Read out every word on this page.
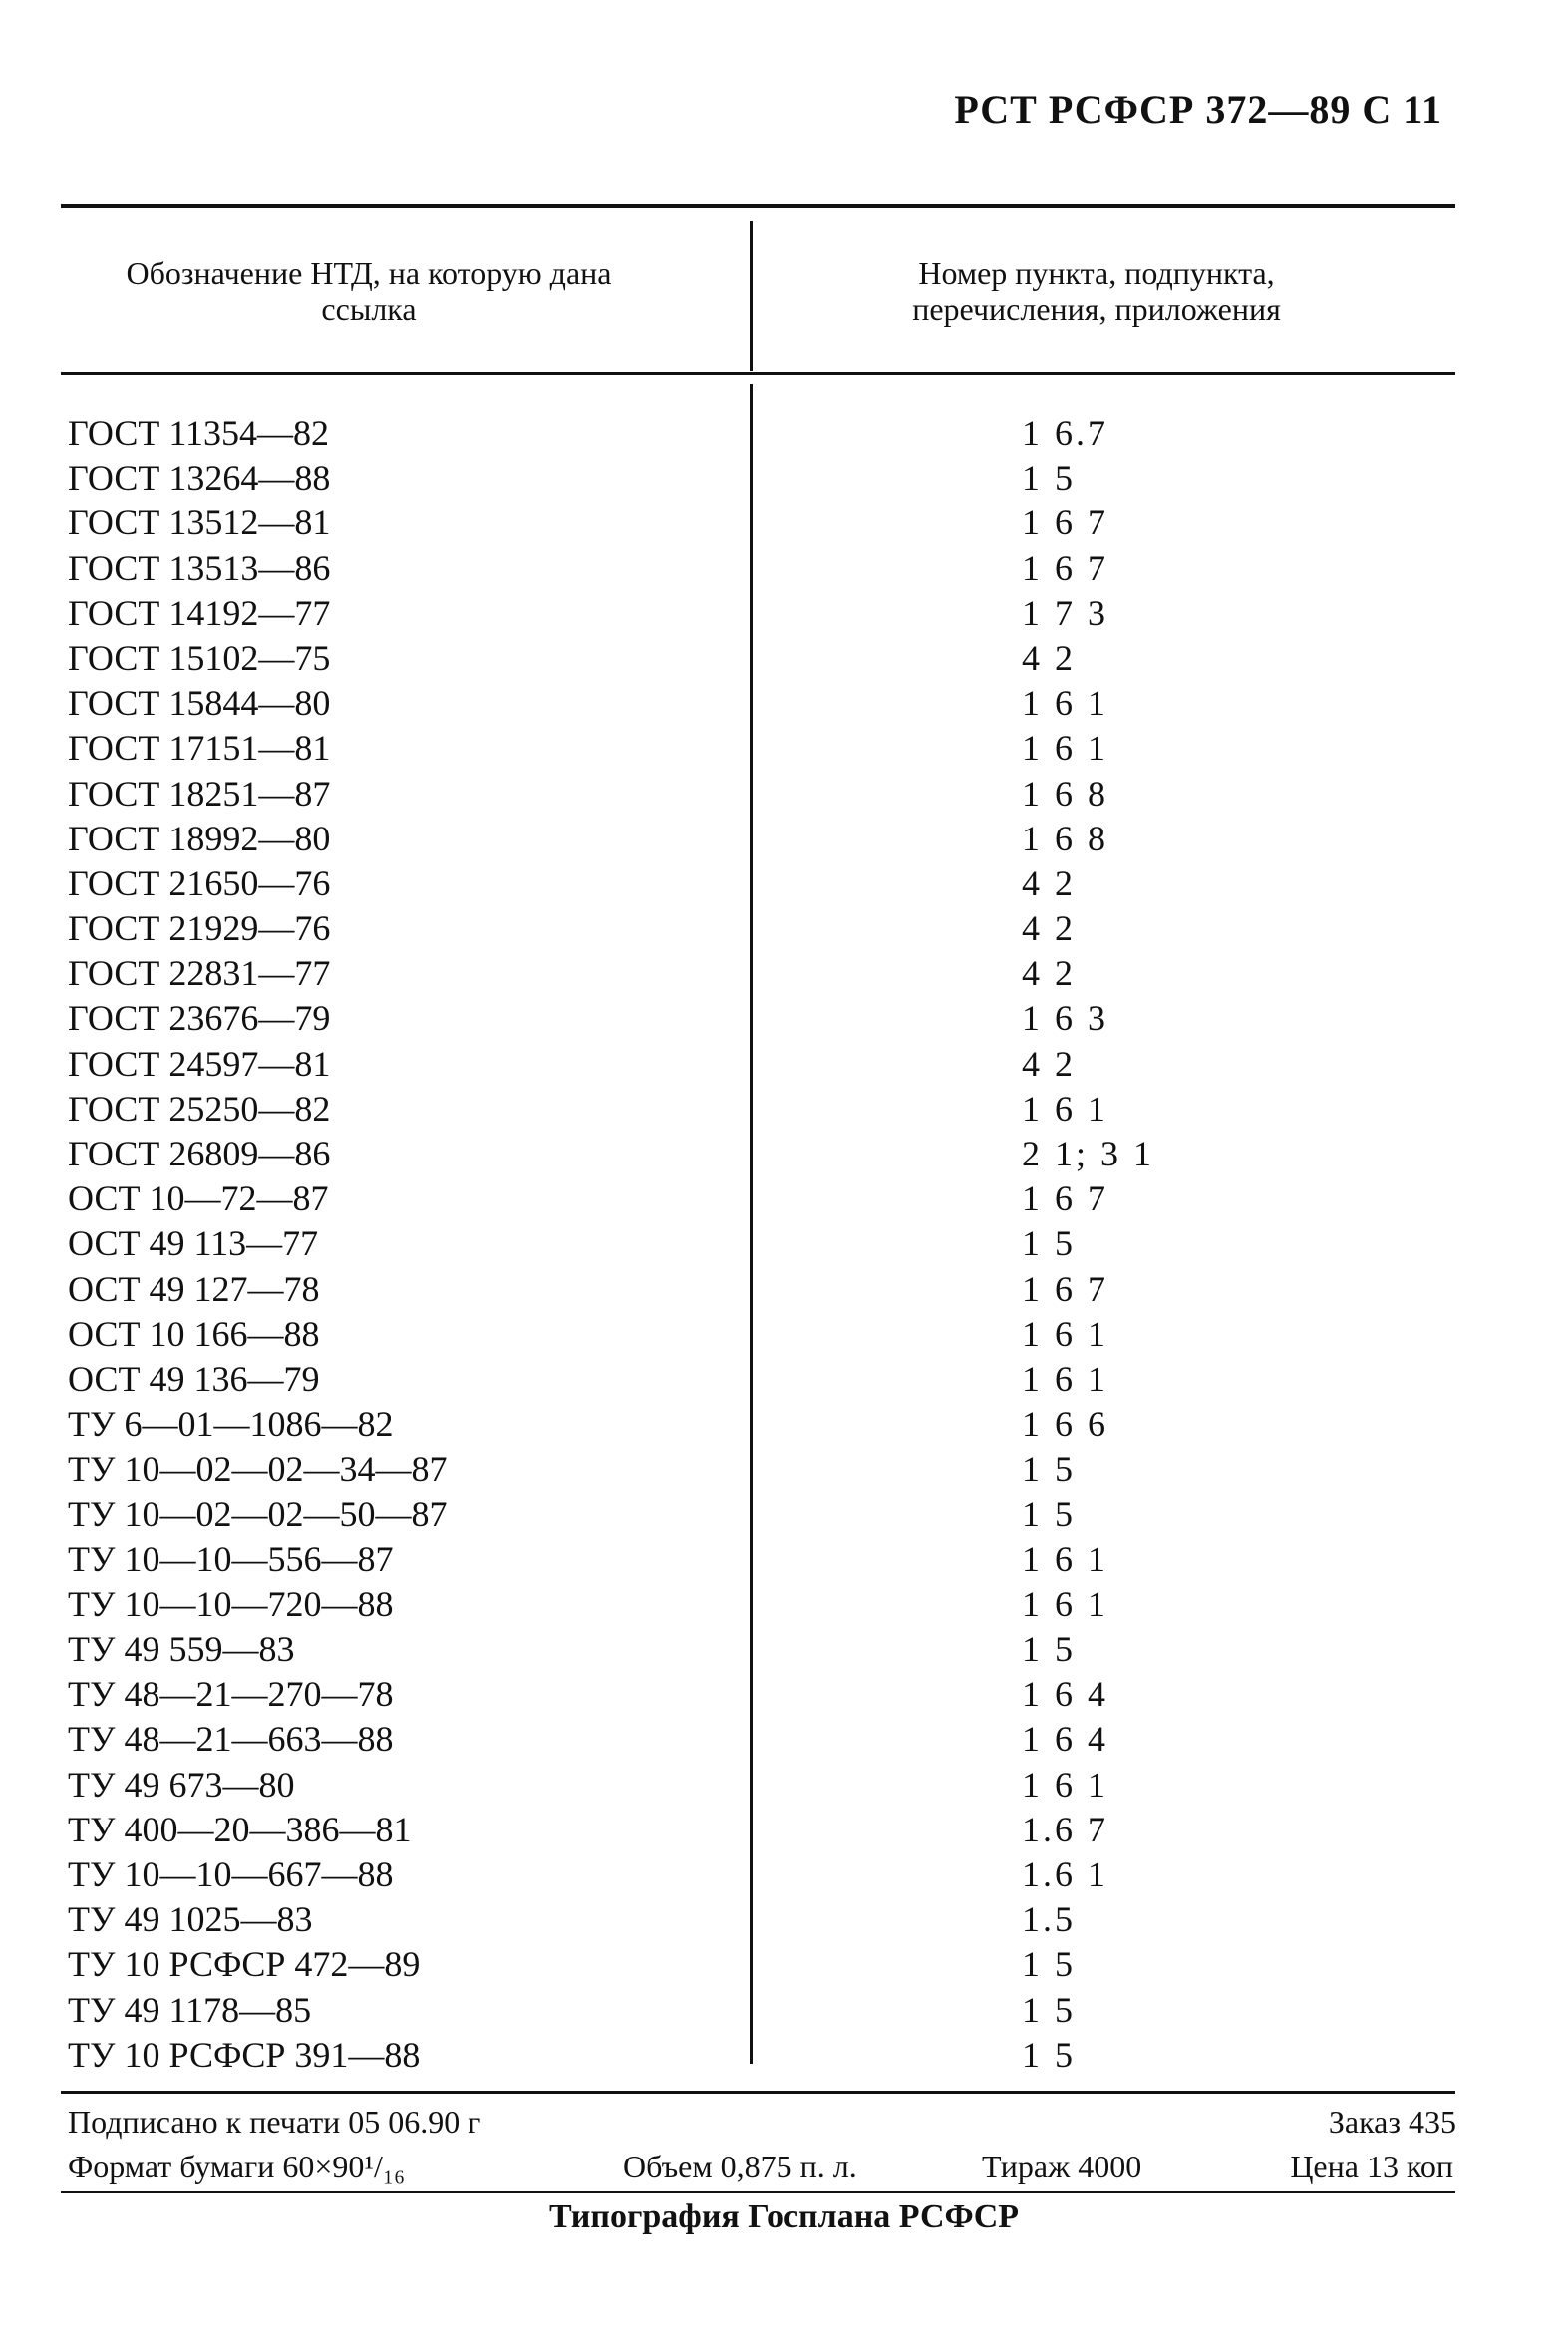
РСТ РСФСР 372—89 С 11
Обозначение НТД, на которую дана ссылка
Номер пункта, подпункта, перечисления, приложения
ГОСТ 11354—82	1 6.7
ГОСТ 13264—88	1 5
ГОСТ 13512—81	1 6 7
ГОСТ 13513—86	1 6 7
ГОСТ 14192—77	1 7 3
ГОСТ 15102—75	4 2
ГОСТ 15844—80	1 6 1
ГОСТ 17151—81	1 6 1
ГОСТ 18251—87	1 6 8
ГОСТ 18992—80	1 6 8
ГОСТ 21650—76	4 2
ГОСТ 21929—76	4 2
ГОСТ 22831—77	4 2
ГОСТ 23676—79	1 6 3
ГОСТ 24597—81	4 2
ГОСТ 25250—82	1 6 1
ГОСТ 26809—86	2 1; 3 1
ОСТ 10—72—87	1 6 7
ОСТ 49 113—77	1 5
ОСТ 49 127—78	1 6 7
ОСТ 10 166—88	1 6 1
ОСТ 49 136—79	1 6 1
ТУ 6—01—1086—82	1 6 6
ТУ 10—02—02—34—87	1 5
ТУ 10—02—02—50—87	1 5
ТУ 10—10—556—87	1 6 1
ТУ 10—10—720—88	1 6 1
ТУ 49 559—83	1 5
ТУ 48—21—270—78	1 6 4
ТУ 48—21—663—88	1 6 4
ТУ 49 673—80	1 6 1
ТУ 400—20—386—81	1.6 7
ТУ 10—10—667—88	1.6 1
ТУ 49 1025—83	1.5
ТУ 10 РСФСР 472—89	1 5
ТУ 49 1178—85	1 5
ТУ 10 РСФСР 391—88	1 5
Подписано к печати 05 06.90 г	Заказ 435
Формат бумаги 60×90¹/₁₆	Объем 0,875 п. л.	Тираж 4000	Цена 13 коп
Типография Госплана РСФСР
